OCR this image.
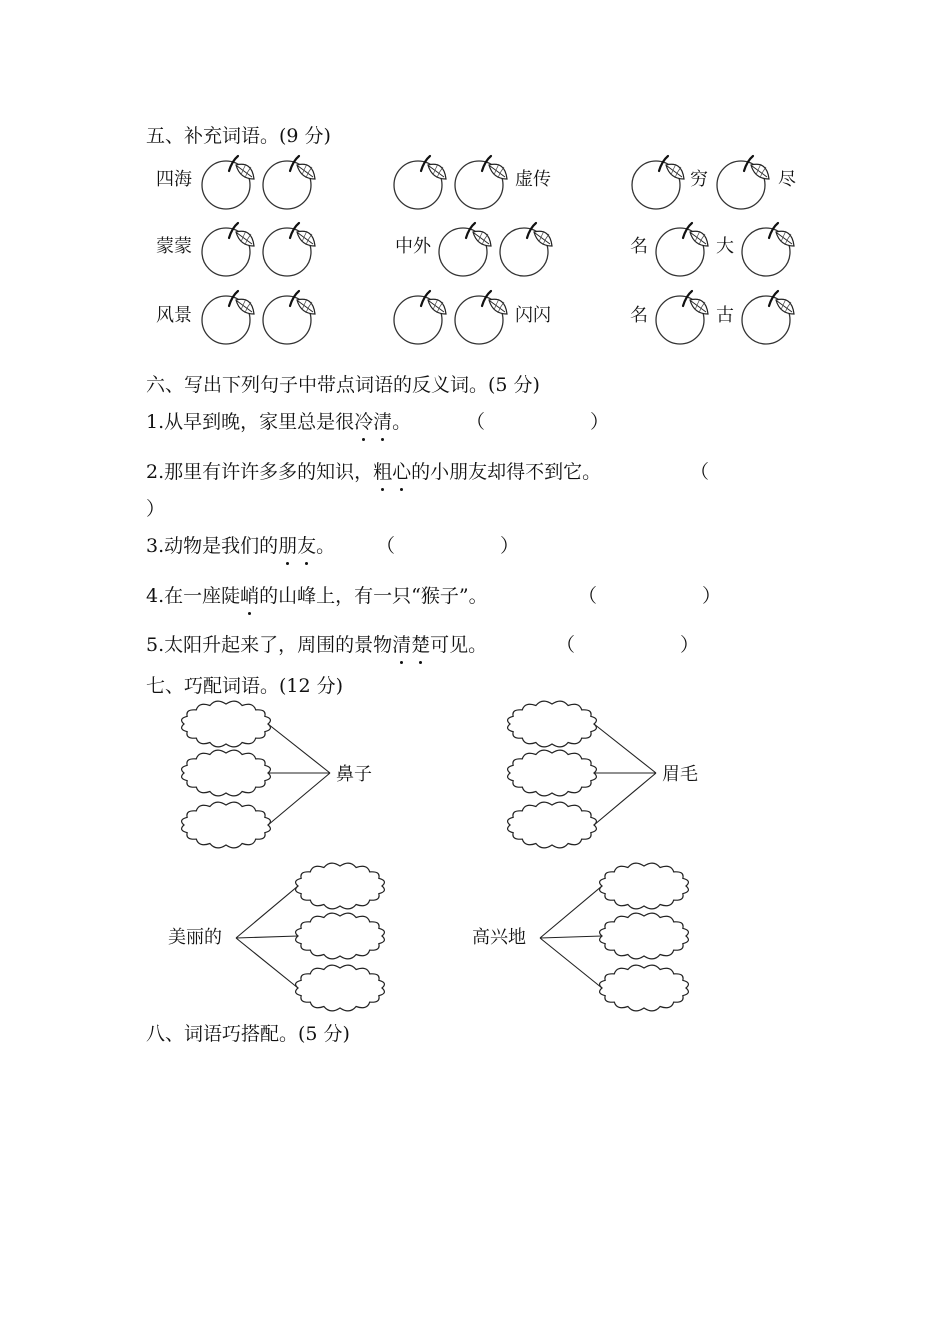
五、补充词语。(9 分)
四海	虚传	穷	尽
蒙蒙	中外	名	大
风景	闪闪	名	古
六、写出下列句子中带点词语的反义词。(5 分)
1.从早到晚，家里总是很冷清。	（	）
2.那里有许许多多的知识，粗心的小朋友却得不到它。	（
）
3.动物是我们的朋友。 （	）
4.在一座陡峭的山峰上，有一只“猴子”。	（	）
5.太阳升起来了，周围的景物清楚可见。	（	）
七、巧配词语。(12 分)
鼻子	眉毛
美丽的	高兴地
八、词语巧搭配。(5 分)
